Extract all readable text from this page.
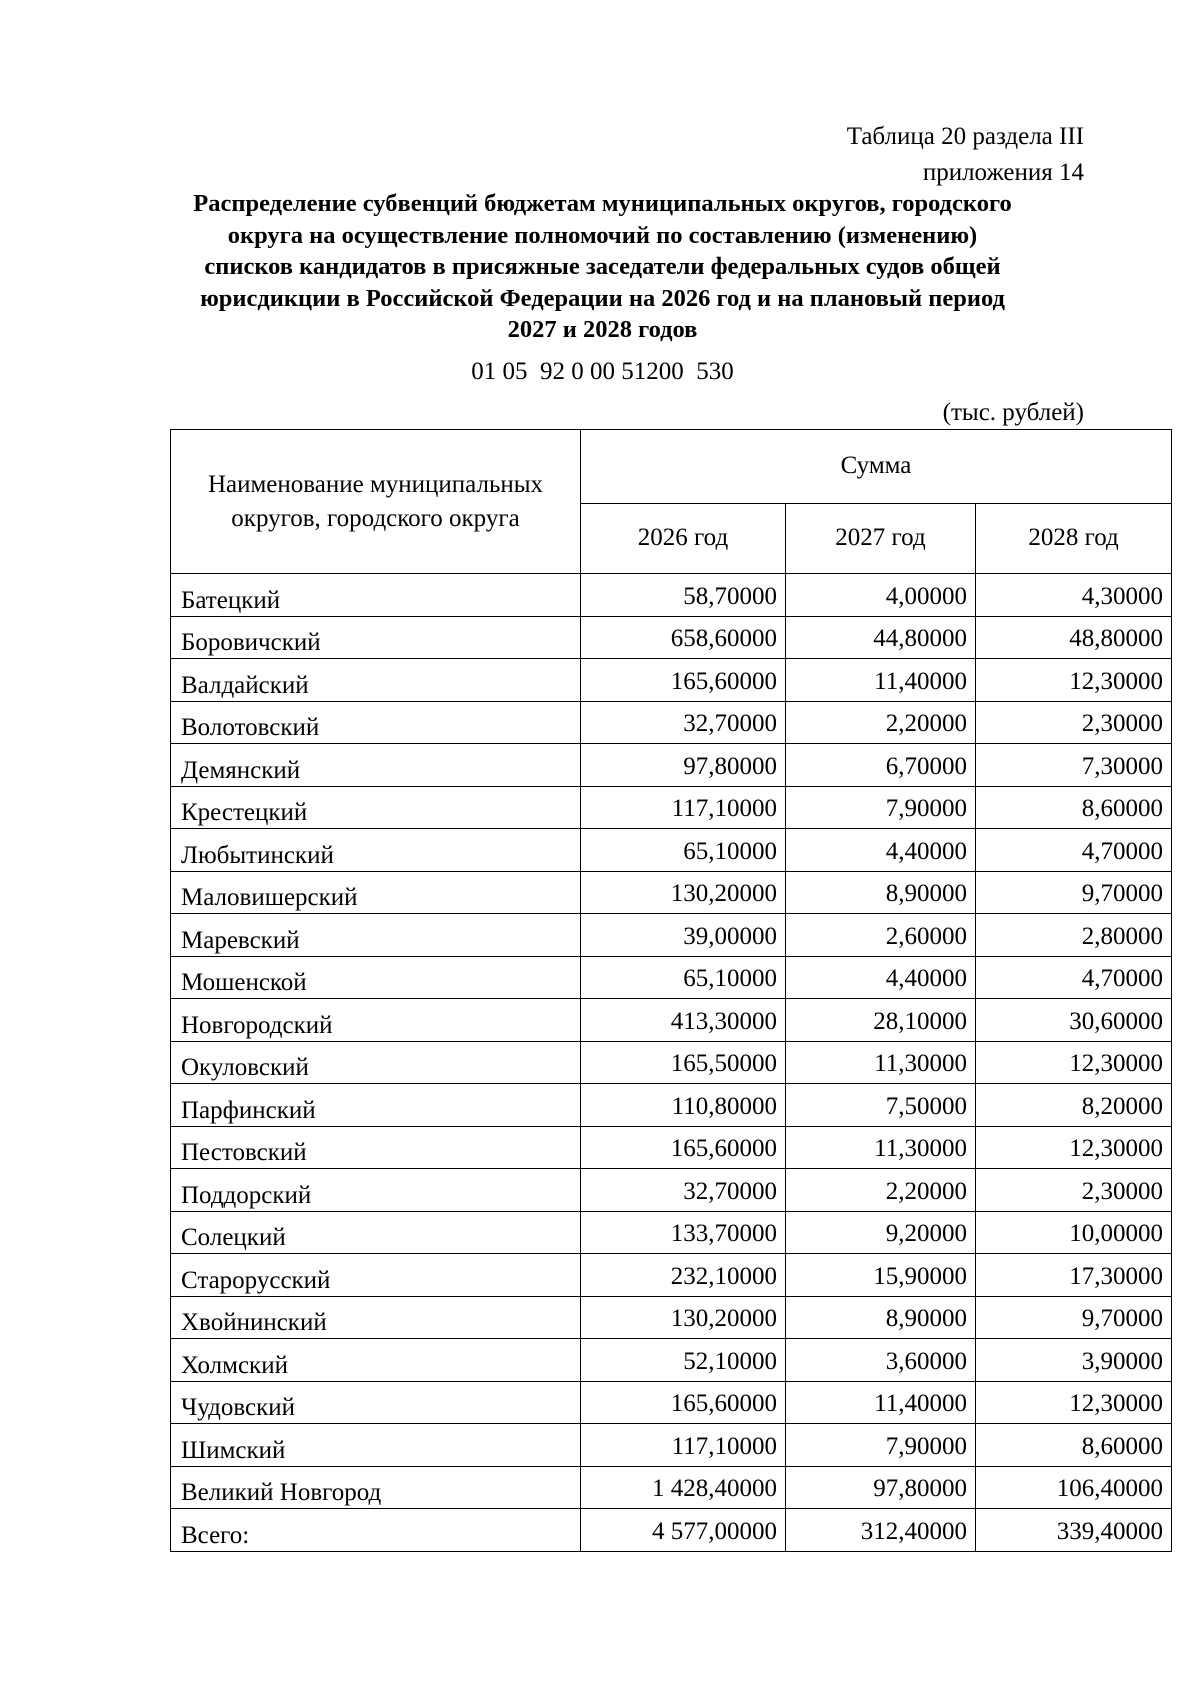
Таблица 20 раздела III
приложения 14
Распределение субвенций бюджетам муниципальных округов, городского
округа на осуществление полномочий по составлению (изменению)
списков кандидатов в присяжные заседатели федеральных судов общей
юрисдикции в Российской Федерации на 2026 год и на плановый период
2027 и 2028 годов
01 05  92 0 00 51200  530
(тыс. рублей)
Наименование муниципальных
округов, городского округа	Сумма		
	2026 год	2027 год	2028 год
Батецкий	58,70000	4,00000	4,30000
Боровичский	658,60000	44,80000	48,80000
Валдайский	165,60000	11,40000	12,30000
Волотовский	32,70000	2,20000	2,30000
Демянский	97,80000	6,70000	7,30000
Крестецкий	117,10000	7,90000	8,60000
Любытинский	65,10000	4,40000	4,70000
Маловишерский	130,20000	8,90000	9,70000
Маревский	39,00000	2,60000	2,80000
Мошенской	65,10000	4,40000	4,70000
Новгородский	413,30000	28,10000	30,60000
Окуловский	165,50000	11,30000	12,30000
Парфинский	110,80000	7,50000	8,20000
Пестовский	165,60000	11,30000	12,30000
Поддорский	32,70000	2,20000	2,30000
Солецкий	133,70000	9,20000	10,00000
Старорусский	232,10000	15,90000	17,30000
Хвойнинский	130,20000	8,90000	9,70000
Холмский	52,10000	3,60000	3,90000
Чудовский	165,60000	11,40000	12,30000
Шимский	117,10000	7,90000	8,60000
Великий Новгород	1 428,40000	97,80000	106,40000
Всего:	4 577,00000	312,40000	339,40000
